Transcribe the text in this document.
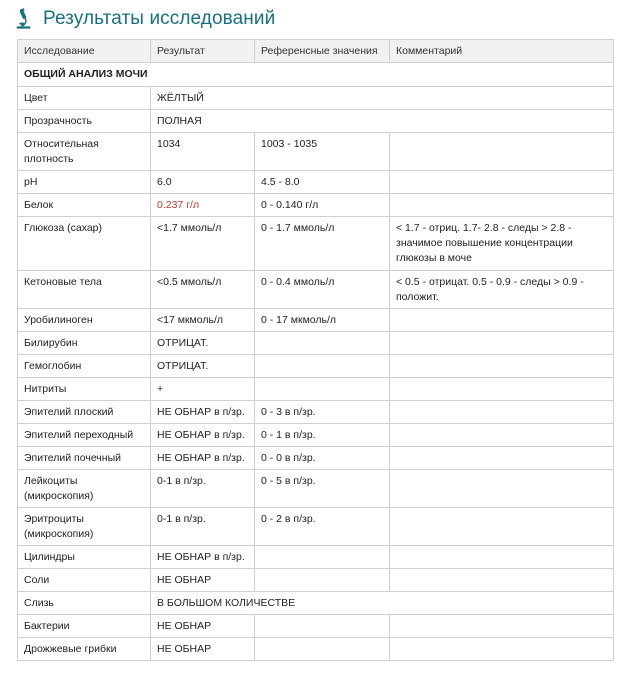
Результаты исследований
Исследование	Результат	Референсные значения	Комментарий
ОБЩИЙ АНАЛИЗ МОЧИ			
Цвет	ЖЁЛТЫЙ		
Прозрачность	ПОЛНАЯ		
Относительная плотность	1034	1003 - 1035	
pH	6.0	4.5 - 8.0	
Белок	0.237 г/л	0 - 0.140 г/л	
Глюкоза (сахар)	<1.7 ммоль/л	0 - 1.7 ммоль/л	< 1.7 - отриц. 1.7- 2.8 - следы > 2.8 - значимое повышение концентрации глюкозы в моче
Кетоновые тела	<0.5 ммоль/л	0 - 0.4 ммоль/л	< 0.5 - отрицат. 0.5 - 0.9 - следы > 0.9 - положит.
Уробилиноген	<17 мкмоль/л	0 - 17 мкмоль/л	
Билирубин	ОТРИЦАТ.		
Гемоглобин	ОТРИЦАТ.		
Нитриты	+		
Эпителий плоский	НЕ ОБНАР в п/зр.	0 - 3 в п/зр.	
Эпителий переходный	НЕ ОБНАР в п/зр.	0 - 1 в п/зр.	
Эпителий почечный	НЕ ОБНАР в п/зр.	0 - 0 в п/зр.	
Лейкоциты (микроскопия)	0-1 в п/зр.	0 - 5 в п/зр.	
Эритроциты (микроскопия)	0-1 в п/зр.	0 - 2 в п/зр.	
Цилиндры	НЕ ОБНАР в п/зр.		
Соли	НЕ ОБНАР		
Слизь	В БОЛЬШОМ КОЛИЧЕСТВЕ		
Бактерии	НЕ ОБНАР		
Дрожжевые грибки	НЕ ОБНАР		
